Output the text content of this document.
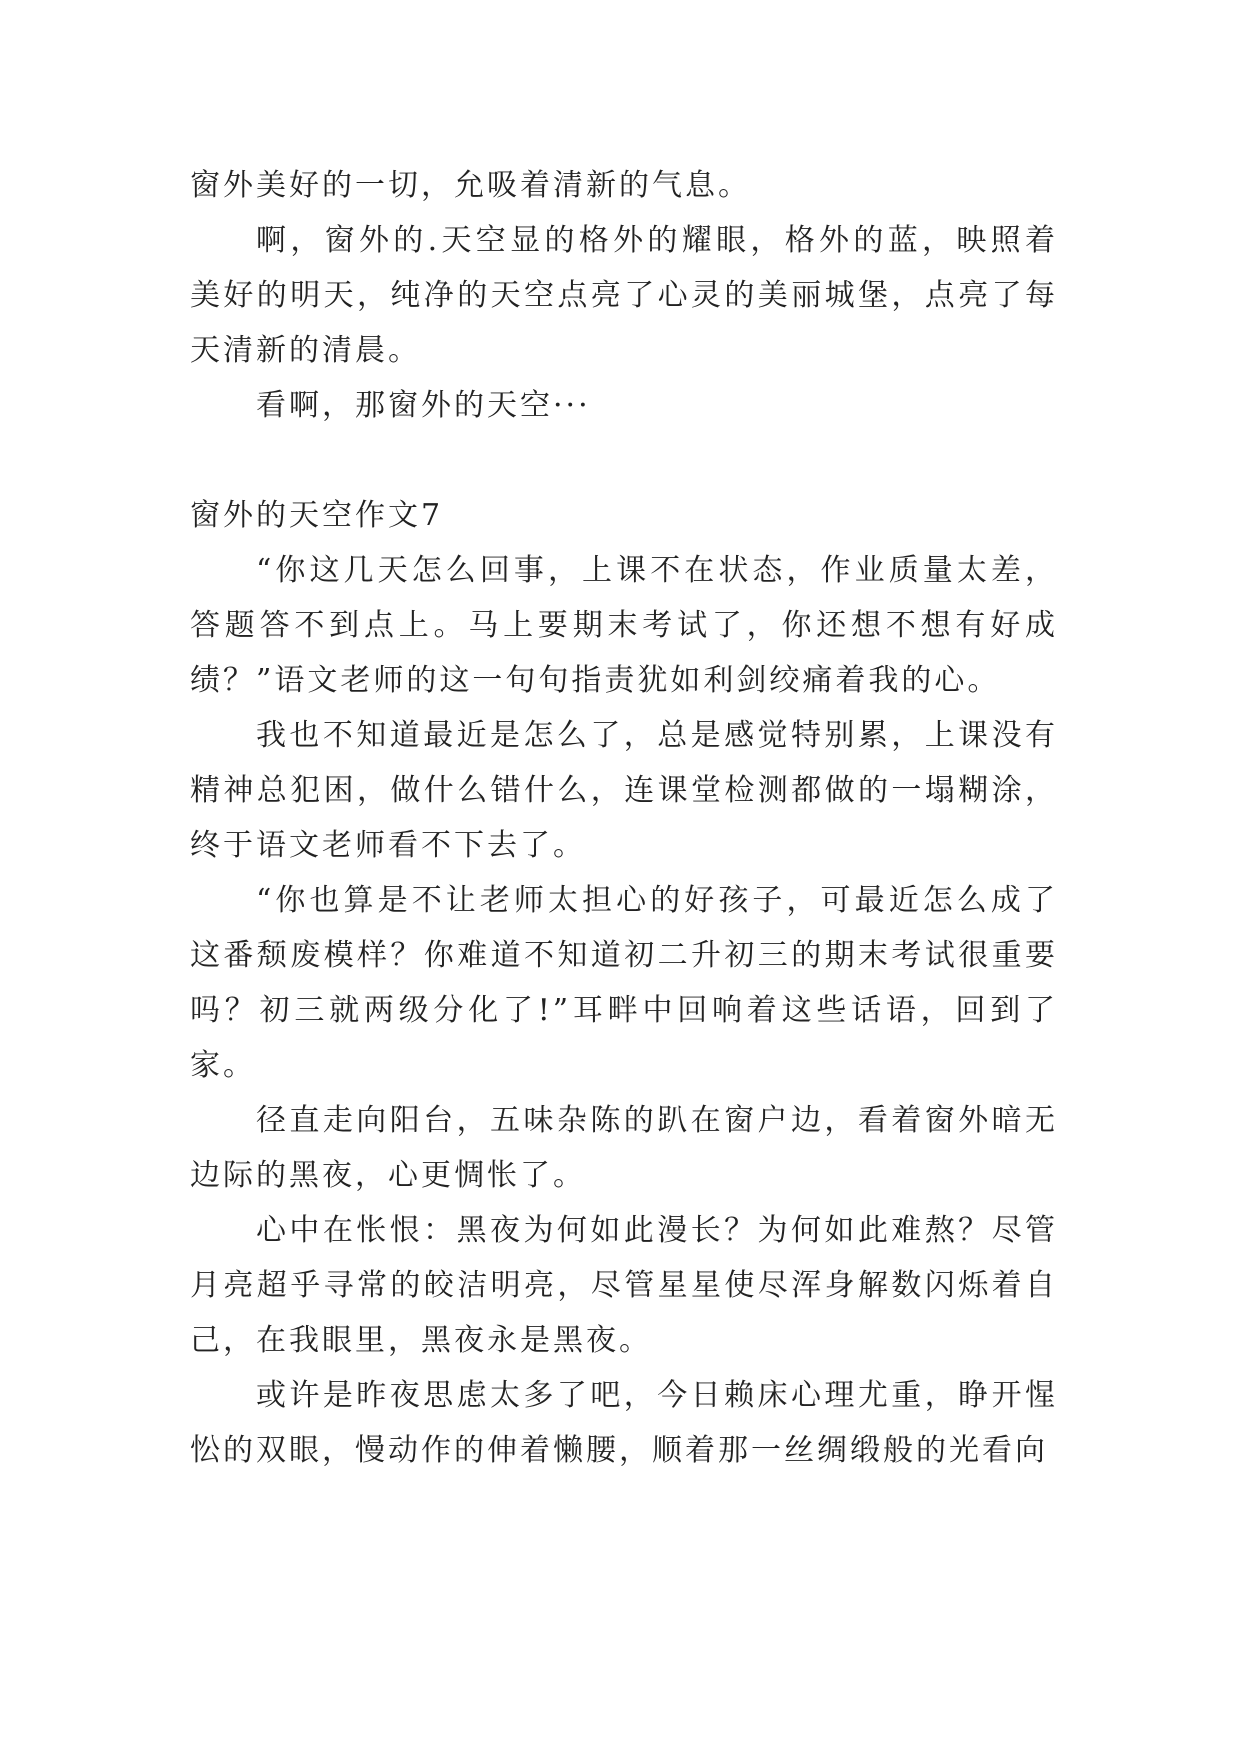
窗外美好的一切，允吸着清新的气息。

啊，窗外的.天空显的格外的耀眼，格外的蓝，映照着美好的明天，纯净的天空点亮了心灵的美丽城堡，点亮了每天清新的清晨。

看啊，那窗外的天空···

窗外的天空作文7

“你这几天怎么回事，上课不在状态，作业质量太差，答题答不到点上。马上要期末考试了，你还想不想有好成绩？”语文老师的这一句句指责犹如利剑绞痛着我的心。

我也不知道最近是怎么了，总是感觉特别累，上课没有精神总犯困，做什么错什么，连课堂检测都做的一塌糊涂，终于语文老师看不下去了。

“你也算是不让老师太担心的好孩子，可最近怎么成了这番颓废模样？你难道不知道初二升初三的期末考试很重要吗？初三就两级分化了!”耳畔中回响着这些话语，回到了家。

径直走向阳台，五味杂陈的趴在窗户边，看着窗外暗无边际的黑夜，心更惆怅了。

心中在怅恨：黑夜为何如此漫长？为何如此难熬？尽管月亮超乎寻常的皎洁明亮，尽管星星使尽浑身解数闪烁着自己，在我眼里，黑夜永是黑夜。

或许是昨夜思虑太多了吧，今日赖床心理尤重，睁开惺忪的双眼，慢动作的伸着懒腰，顺着那一丝绸缎般的光看向
